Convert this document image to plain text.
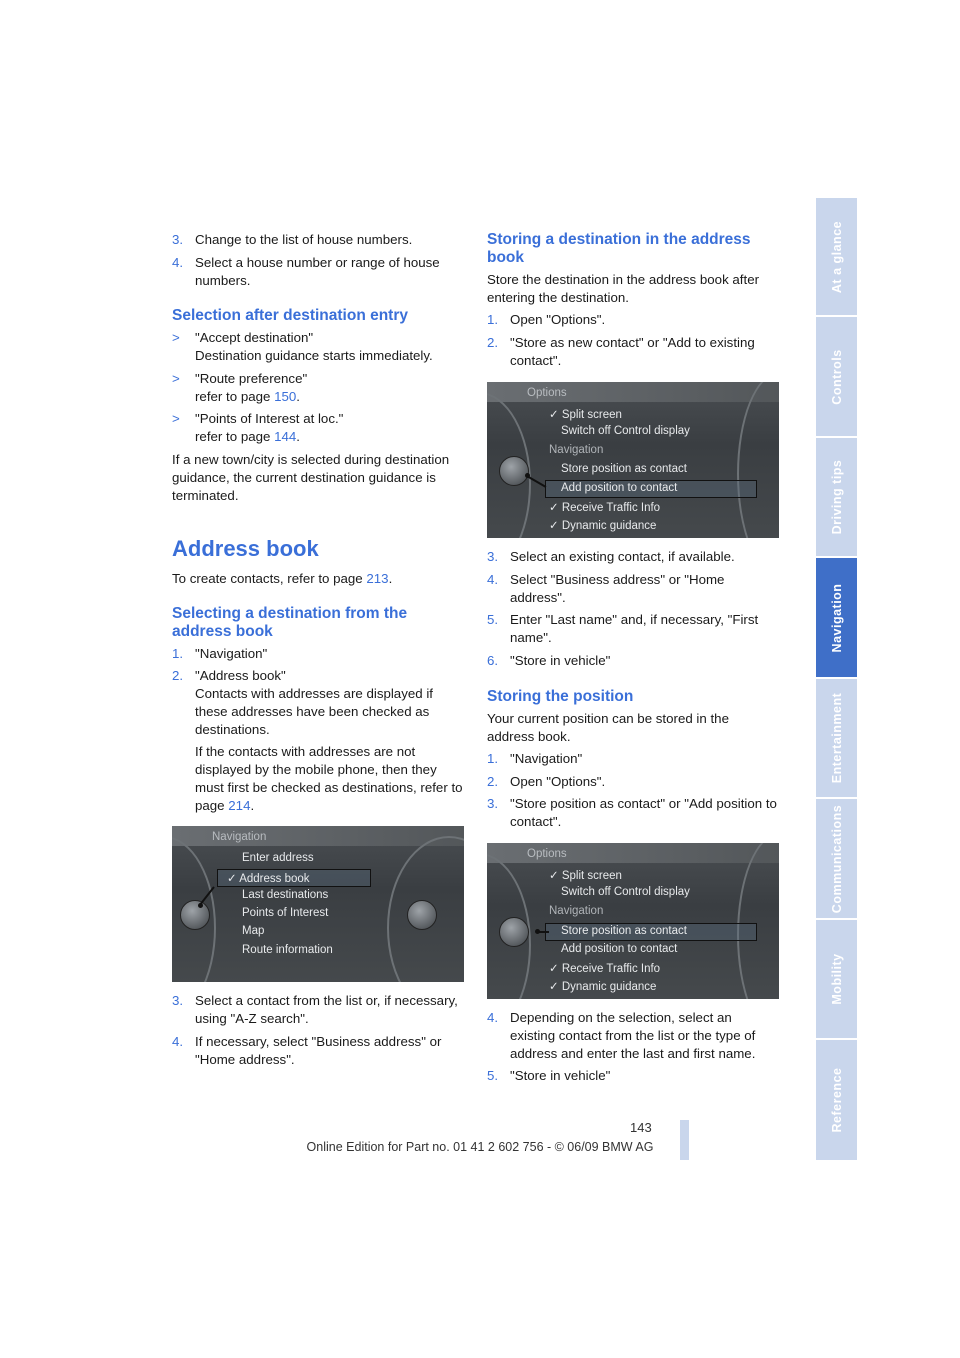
3. Change to the list of house numbers.
4. Select a house number or range of house numbers.
Selection after destination entry
>	"Accept destination"
Destination guidance starts immediately.
>	"Route preference"
refer to page 150.
>	"Points of Interest at loc."
refer to page 144.

If a new town/city is selected during destination guidance, the current destination guidance is terminated.

Address book

To create contacts, refer to page 213.

Selecting a destination from the address book
1. "Navigation"
2. "Address book"
Contacts with addresses are displayed if these addresses have been checked as destinations.

If the contacts with addresses are not displayed by the mobile phone, then they must first be checked as destinations, refer to page 214.

Navigation
Enter address
✓ Address book
Last destinations
Points of Interest
Map
Route information
3. Select a contact from the list or, if necessary, using "A-Z search".
4. If necessary, select "Business address" or "Home address".
Storing a destination in the address book

Store the destination in the address book after entering the destination.

1. Open "Options".
2. "Store as new contact" or "Add to existing contact".
Options
✓ Split screen
Switch off Control display
Navigation
Store position as contact
Add position to contact
✓ Receive Traffic Info
✓ Dynamic guidance
3. Select an existing contact, if available.
4. Select "Business address" or "Home address".
5. Enter "Last name" and, if necessary, "First name".
6. "Store in vehicle"
Storing the position

Your current position can be stored in the address book.

1. "Navigation"
2. Open "Options".
3. "Store position as contact" or "Add position to contact".
Options
✓ Split screen
Switch off Control display
Navigation
Store position as contact
Add position to contact
✓ Receive Traffic Info
✓ Dynamic guidance
4. Depending on the selection, select an existing contact from the list or the type of address and enter the last and first name.
5. "Store in vehicle"
At a glance
Controls
Driving tips
Navigation
Entertainment
Communications
Mobility
Reference
143
Online Edition for Part no. 01 41 2 602 756 - © 06/09 BMW AG
